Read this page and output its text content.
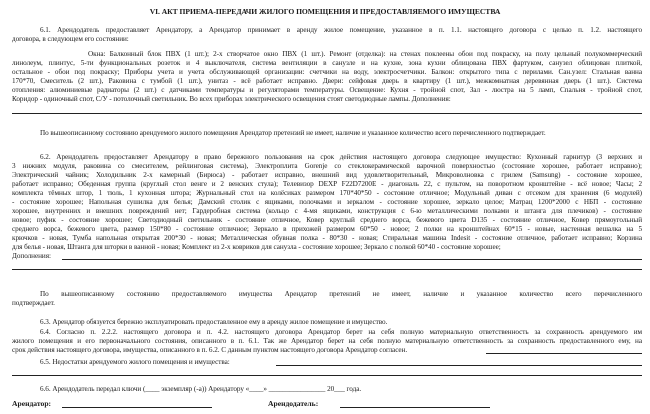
VI. АКТ ПРИЕМА-ПЕРЕДАЧИ ЖИЛОГО ПОМЕЩЕНИЯ И ПРЕДОСТАВЛЯЕМОГО ИМУЩЕСТВА
6.1. Арендодатель предоставляет Арендатору, а Арендатор принимает в аренду жилое помещение, указанное в п. 1.1. настоящего договора с целью п. 1.2. настоящего
договора, в следующем его состоянии:
Окна: Балконный блок ПВХ (1 шт.); 2-х створчатое окно ПВХ (1 шт.). Ремонт (отделка): на стенах поклеены обои под покраску, на полу цельный полукоммерческий
линолеум, плинтус, 5-ти функциональных розеток и 4 выключателя, система вентиляции в санузле и на кухне, зона кухни облицована ПВХ фартуком, санузел облицован плиткой,
остальное - обои под покраску; Приборы учета и учета обслуживающей организации: счетчики на воду, электросчетчики. Балкон: открытого типа с перилами. Сан.узел: Стальная ванна
170*70, Смеситель (2 шт.), Раковина с тумбой (1 шт.), унитаз - всё работает исправно. Двери: сейфовая дверь в квартиру (1 шт.), межкомнатная деревянная дверь (1 шт.). Система
отопления: алюминиевые радиаторы (2 шт.) с датчиками температуры и регуляторами температуры. Освещение: Кухня - тройной спот, Зал - люстра на 5 ламп, Спальня - тройной спот,
Коридор - одиночный спот, С/У - потолочный светильник. Во всех приборах электрического освещения стоят светодиодные лампы. Дополнения:
По вышеописанному состоянию арендуемого жилого помещения Арендатор претензий не имеет, наличие и указанное количество всего перечисленного подтверждает.
6.2. Арендодатель предоставляет Арендатору в право бережного пользования на срок действия настоящего договора следующее имущество: Кухонный гарнитур (3 верхних и
3 нижних модуля, раковина со смесителем, рейлинговая система), Электроплита Gorenje со стеклокерамической варочной поверхностью (состояние хорошее, работает исправно);
Электрический чайник; Холодильник 2-х камерный (Бирюса) - работает исправно, внешний вид удовлетворительный, Микроволновка с грилем (Samsung) - состояние хорошее,
работает исправно; Обеденная группа (круглый стол венге и 2 венских стула); Телевизор DEXP F22D7200E - диагональ 22, с пультом, на поворотном кронштейне - всё новое; Часы; 2
комплекта тёмных штор, 1 тюль, 1 кухонная штора; Журнальный стол на колёсиках размером 170*40*50 - состояние отличное; Модульный диван с отсеком для хранения (6 модулей)
- состояние хорошее; Напольная сушилка для белья; Дамский столик с ящиками, полочками и зеркалом - состояние хорошее, зеркало целое; Матрац 1200*2000 с НБП - состояние
хорошее, внутренних и внешних повреждений нет; Гардеробная система (кольцо с 4-мя ящиками, конструкция с 6-ю металлическими полками и штанга для плечиков) - состояние
новое; пуфик - состояние хорошее; Светодиодный светильник - состояние отличное, Ковер круглый среднего ворса, бежевого цвета D135 - состояние отличное, Ковер прямоугольный
среднего ворса, бежевого цвета, размер 150*80 - состояние отличное; Зеркало в прихожей размером 60*50 - новое; 2 полки на кронштейнах 60*15 - новые, настенная вешалка на 5
крючков - новая, Тумба напольная открытая 200*30 - новая; Металлическая обувная полка - 80*30 - новая; Стиральная машина Indesit - состояние отличное, работает исправно; Корзина
для белья - новая, Штанга для шторки в ванной - новая; Комплект из 2-х ковриков для санузла - состояние хорошее; Зеркало с полкой 60*40 - состояние хорошее;
Дополнения:
По вышеописанному состоянию предоставляемого имущества Арендатор претензий не имеет, наличие и указанное количество всего перечисленного
подтверждает.
6.3. Арендатор обязуется бережно эксплуатировать предоставленное ему в аренду жилое помещение и имущество.
6.4. Согласно п. 2.2.2. настоящего договора и п. 4.2. настоящего договора Арендатор берет на себя полную материальную ответственность за сохранность арендуемого им
жилого помещения и его первоначального состояния, описанного в п. 6.1. Так же Арендатор берет на себя полную материальную ответственность за сохранность предоставленного ему, на
срок действия настоящего договора, имущества, описанного в п. 6.2. С данным пунктом настоящего договора Арендатор согласен.
6.5. Недостатки арендуемого жилого помещения и имущества:
6.6. Арендодатель передал ключи (____ экземпляр (-а)) Арендатору «____» ________________ 20___ года.
Арендатор:	Арендодатель:
